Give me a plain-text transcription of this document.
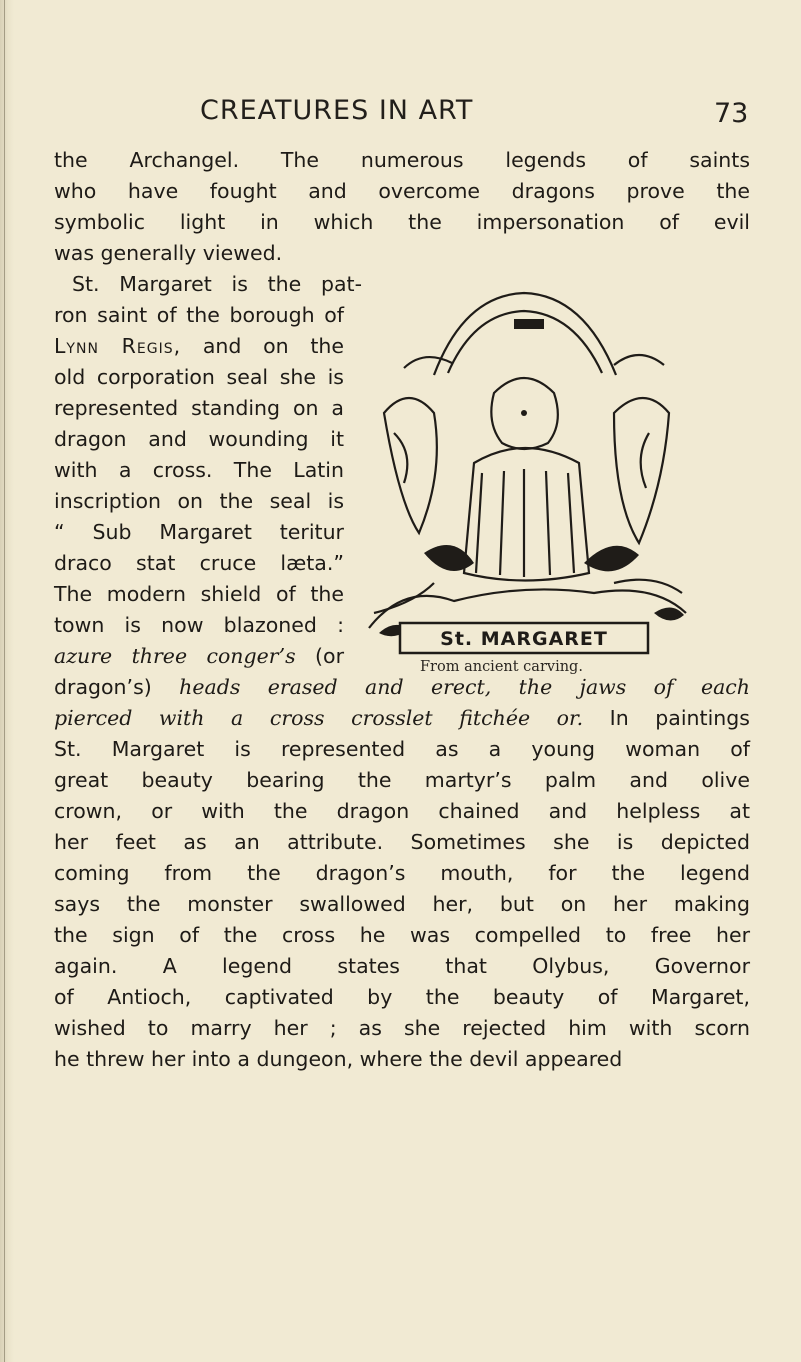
CREATURES IN ART	73
the Archangel. The numerous legends of saints
who have fought and overcome dragons prove the
symbolic light in which the impersonation of evil
was generally viewed.
St. Margaret is the pat-
ron saint of the borough of
Lynn Regis, and on the
old corporation seal she is
represented standing on a
dragon and wounding it
with a cross. The Latin
inscription on the seal is
“ Sub Margaret teritur
draco stat cruce læta.”
The modern shield of the
town is now blazoned :
azure three conger’s (or
St. MARGARET
From ancient carving.
dragon’s) heads erased and erect, the jaws of each
pierced with a cross crosslet fitchée or. In paintings
St. Margaret is represented as a young woman of
great beauty bearing the martyr’s palm and olive
crown, or with the dragon chained and helpless at
her feet as an attribute. Sometimes she is depicted
coming from the dragon’s mouth, for the legend
says the monster swallowed her, but on her making
the sign of the cross he was compelled to free her
again. A legend states that Olybus, Governor
of Antioch, captivated by the beauty of Margaret,
wished to marry her ; as she rejected him with scorn
he threw her into a dungeon, where the devil appeared
